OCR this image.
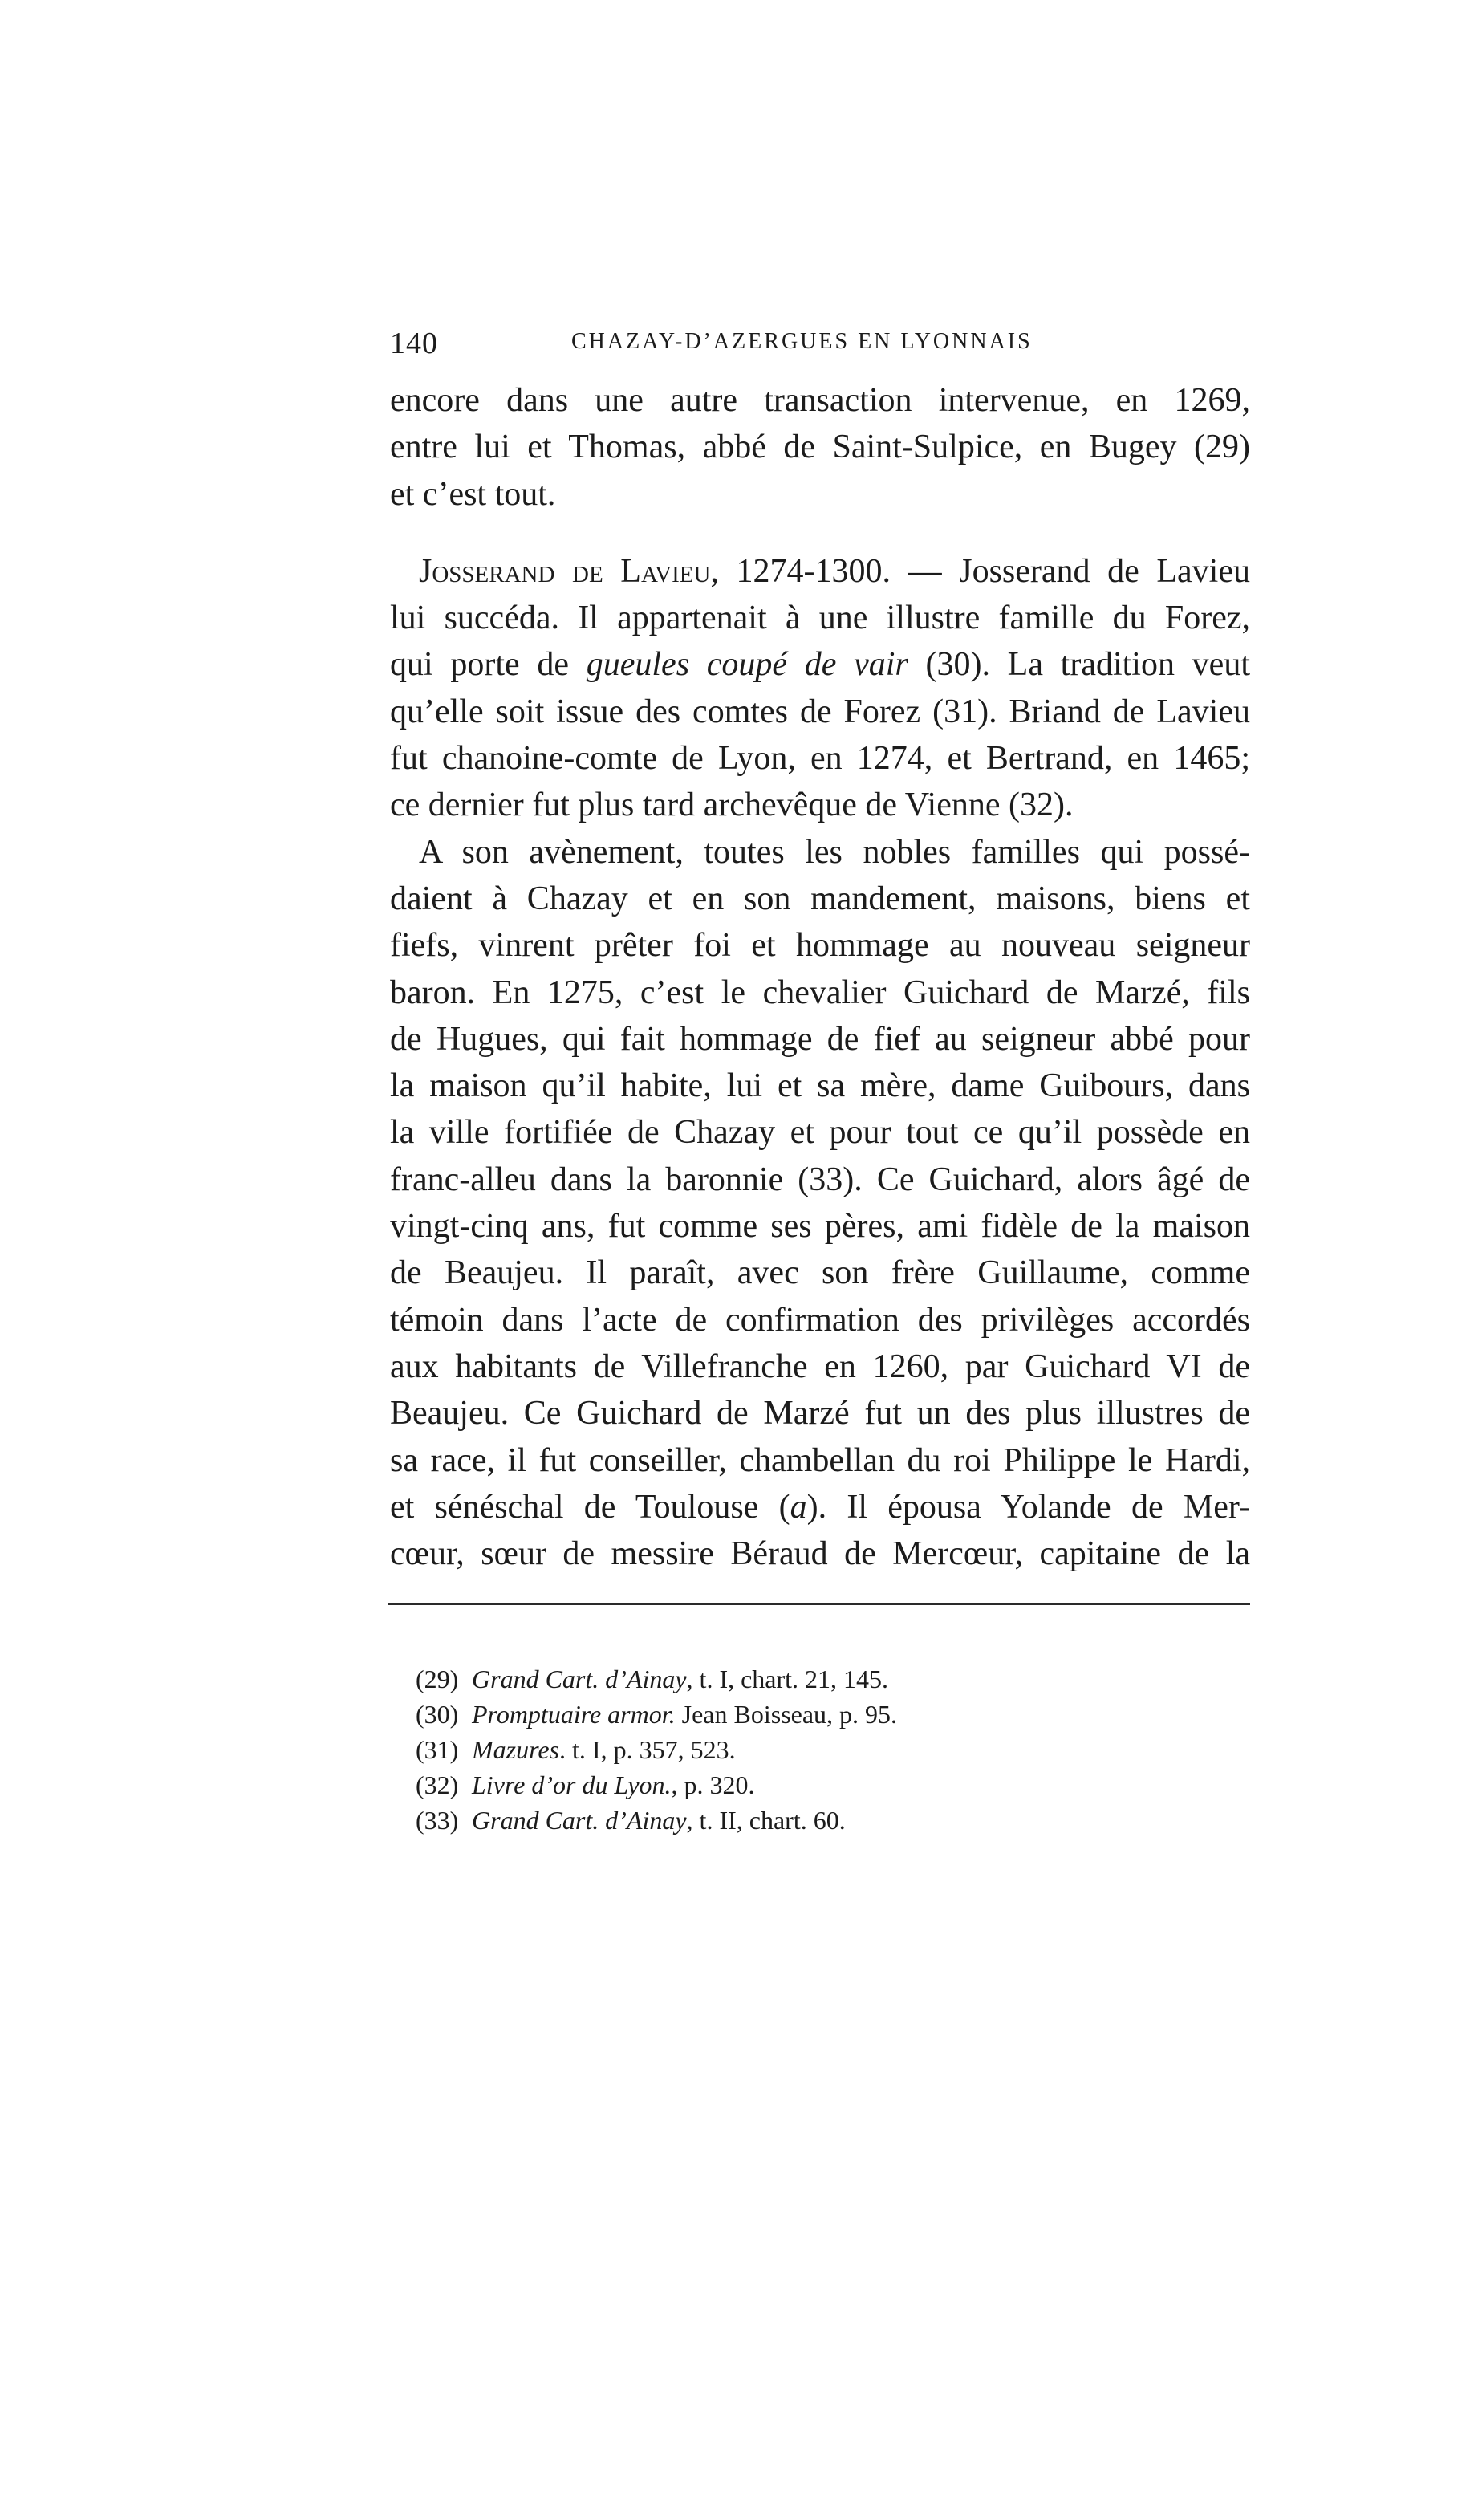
140	CHAZAY-D’AZERGUES EN LYONNAIS
encore dans une autre transaction intervenue, en 1269,
entre lui et Thomas, abbé de Saint-Sulpice, en Bugey (29)
et c’est tout.
Josserand de Lavieu, 1274-1300. — Josserand de Lavieu
lui succéda. Il appartenait à une illustre famille du Forez,
qui porte de gueules coupé de vair (30). La tradition veut
qu’elle soit issue des comtes de Forez (31). Briand de Lavieu
fut chanoine-comte de Lyon, en 1274, et Bertrand, en 1465;
ce dernier fut plus tard archevêque de Vienne (32).
A son avènement, toutes les nobles familles qui possé-
daient à Chazay et en son mandement, maisons, biens et
fiefs, vinrent prêter foi et hommage au nouveau seigneur
baron. En 1275, c’est le chevalier Guichard de Marzé, fils
de Hugues, qui fait hommage de fief au seigneur abbé pour
la maison qu’il habite, lui et sa mère, dame Guibours, dans
la ville fortifiée de Chazay et pour tout ce qu’il possède en
franc-alleu dans la baronnie (33). Ce Guichard, alors âgé de
vingt-cinq ans, fut comme ses pères, ami fidèle de la maison
de Beaujeu. Il paraît, avec son frère Guillaume, comme
témoin dans l’acte de confirmation des privilèges accordés
aux habitants de Villefranche en 1260, par Guichard VI de
Beaujeu. Ce Guichard de Marzé fut un des plus illustres de
sa race, il fut conseiller, chambellan du roi Philippe le Hardi,
et sénéschal de Toulouse (a). Il épousa Yolande de Mer-
cœur, sœur de messire Béraud de Mercœur, capitaine de la
(29) Grand Cart. d’Ainay, t. I, chart. 21, 145.
(30) Promptuaire armor. Jean Boisseau, p. 95.
(31) Mazures. t. I, p. 357, 523.
(32) Livre d’or du Lyon., p. 320.
(33) Grand Cart. d’Ainay, t. II, chart. 60.
